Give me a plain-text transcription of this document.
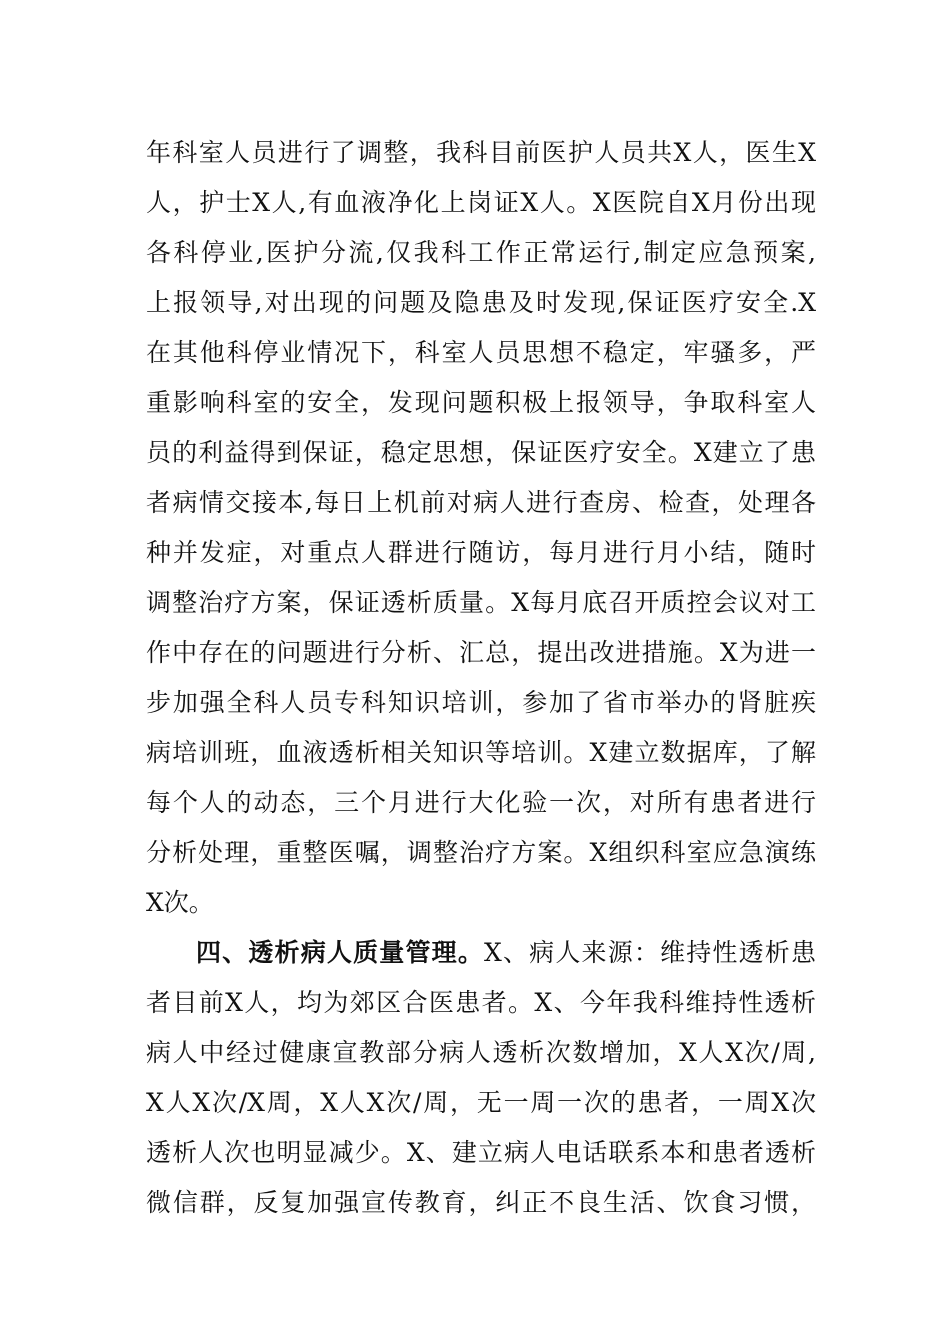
年科室人员进行了调整，我科目前医护人员共X人，医生X
人，护士X人,有血液净化上岗证X人。X医院自X月份出现
各科停业,医护分流,仅我科工作正常运行,制定应急预案,
上报领导,对出现的问题及隐患及时发现,保证医疗安全.X
在其他科停业情况下，科室人员思想不稳定，牢骚多，严
重影响科室的安全，发现问题积极上报领导，争取科室人
员的利益得到保证，稳定思想，保证医疗安全。X建立了患
者病情交接本,每日上机前对病人进行查房、检查，处理各
种并发症，对重点人群进行随访，每月进行月小结，随时
调整治疗方案，保证透析质量。X每月底召开质控会议对工
作中存在的问题进行分析、汇总，提出改进措施。X为进一
步加强全科人员专科知识培训，参加了省市举办的肾脏疾
病培训班，血液透析相关知识等培训。X建立数据库，了解
每个人的动态，三个月进行大化验一次，对所有患者进行
分析处理，重整医嘱，调整治疗方案。X组织科室应急演练
X次。
四、透析病人质量管理。X、病人来源：维持性透析患
者目前X人，均为郊区合医患者。X、今年我科维持性透析
病人中经过健康宣教部分病人透析次数增加，X人X次/周,
X人X次/X周，X人X次/周，无一周一次的患者，一周X次
透析人次也明显减少。X、建立病人电话联系本和患者透析
微信群，反复加强宣传教育，纠正不良生活、饮食习惯，
